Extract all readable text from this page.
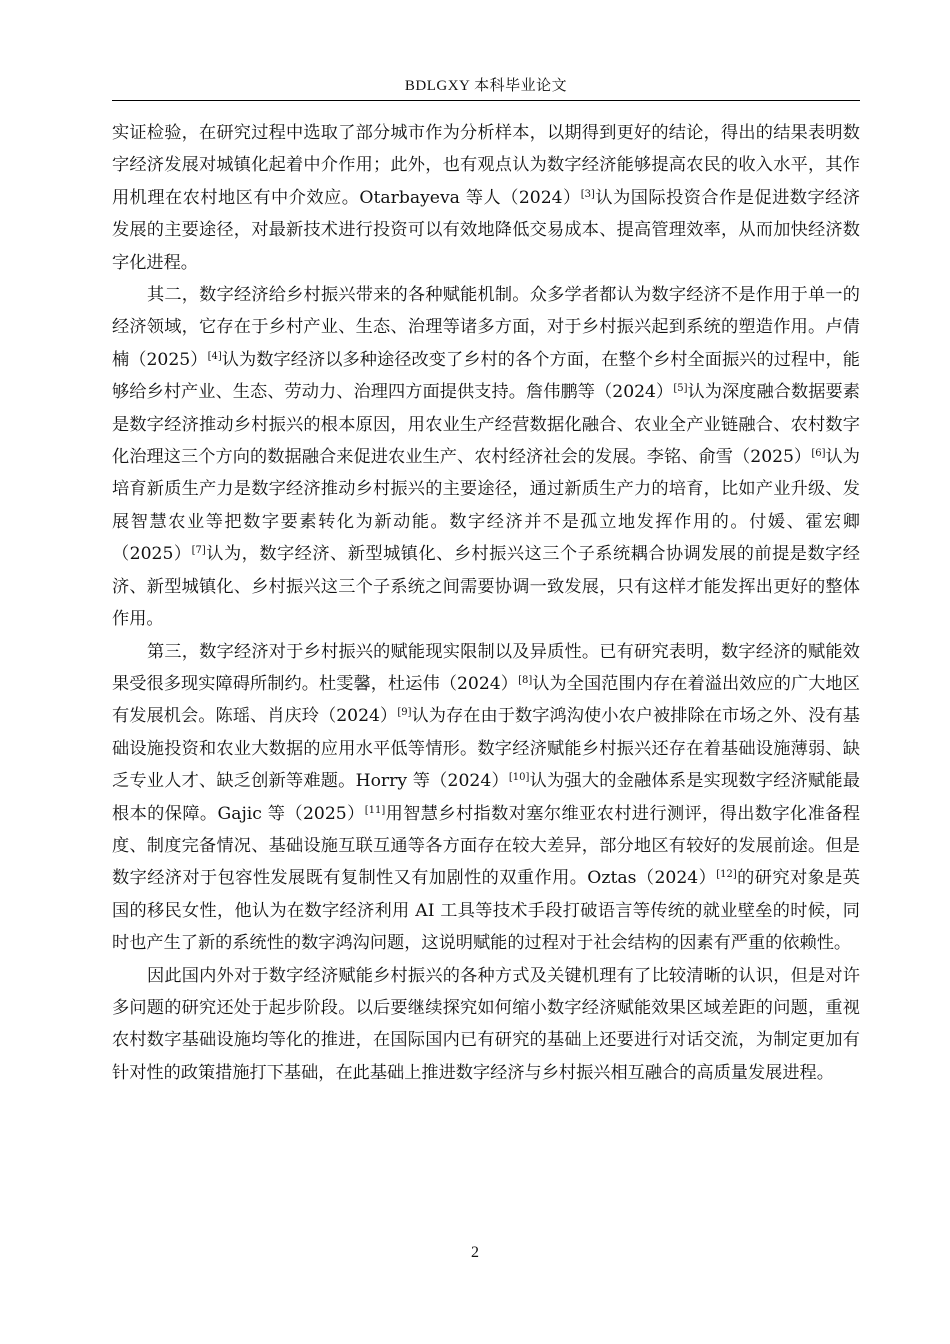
BDLGXY 本科毕业论文

实证检验，在研究过程中选取了部分城市作为分析样本，以期得到更好的结论，得出的结果表明数字经济发展对城镇化起着中介作用；此外，也有观点认为数字经济能够提高农民的收入水平，其作用机理在农村地区有中介效应。Otarbayeva 等人（2024）[3]认为国际投资合作是促进数字经济发展的主要途径，对最新技术进行投资可以有效地降低交易成本、提高管理效率，从而加快经济数字化进程。

其二，数字经济给乡村振兴带来的各种赋能机制。众多学者都认为数字经济不是作用于单一的经济领域，它存在于乡村产业、生态、治理等诸多方面，对于乡村振兴起到系统的塑造作用。卢倩楠（2025）[4]认为数字经济以多种途径改变了乡村的各个方面，在整个乡村全面振兴的过程中，能够给乡村产业、生态、劳动力、治理四方面提供支持。詹伟鹏等（2024）[5]认为深度融合数据要素是数字经济推动乡村振兴的根本原因，用农业生产经营数据化融合、农业全产业链融合、农村数字化治理这三个方向的数据融合来促进农业生产、农村经济社会的发展。李铭、俞雪（2025）[6]认为培育新质生产力是数字经济推动乡村振兴的主要途径，通过新质生产力的培育，比如产业升级、发展智慧农业等把数字要素转化为新动能。数字经济并不是孤立地发挥作用的。付媛、霍宏卿（2025）[7]认为，数字经济、新型城镇化、乡村振兴这三个子系统耦合协调发展的前提是数字经济、新型城镇化、乡村振兴这三个子系统之间需要协调一致发展，只有这样才能发挥出更好的整体作用。

第三，数字经济对于乡村振兴的赋能现实限制以及异质性。已有研究表明，数字经济的赋能效果受很多现实障碍所制约。杜雯馨，杜运伟（2024）[8]认为全国范围内存在着溢出效应的广大地区有发展机会。陈瑶、肖庆玲（2024）[9]认为存在由于数字鸿沟使小农户被排除在市场之外、没有基础设施投资和农业大数据的应用水平低等情形。数字经济赋能乡村振兴还存在着基础设施薄弱、缺乏专业人才、缺乏创新等难题。Horry 等（2024）[10]认为强大的金融体系是实现数字经济赋能最根本的保障。Gajic 等（2025）[11]用智慧乡村指数对塞尔维亚农村进行测评，得出数字化准备程度、制度完备情况、基础设施互联互通等各方面存在较大差异，部分地区有较好的发展前途。但是数字经济对于包容性发展既有复制性又有加剧性的双重作用。Oztas（2024）[12]的研究对象是英国的移民女性，他认为在数字经济利用 AI 工具等技术手段打破语言等传统的就业壁垒的时候，同时也产生了新的系统性的数字鸿沟问题，这说明赋能的过程对于社会结构的因素有严重的依赖性。

因此国内外对于数字经济赋能乡村振兴的各种方式及关键机理有了比较清晰的认识，但是对许多问题的研究还处于起步阶段。以后要继续探究如何缩小数字经济赋能效果区域差距的问题，重视农村数字基础设施均等化的推进，在国际国内已有研究的基础上还要进行对话交流，为制定更加有针对性的政策措施打下基础，在此基础上推进数字经济与乡村振兴相互融合的高质量发展进程。

2
